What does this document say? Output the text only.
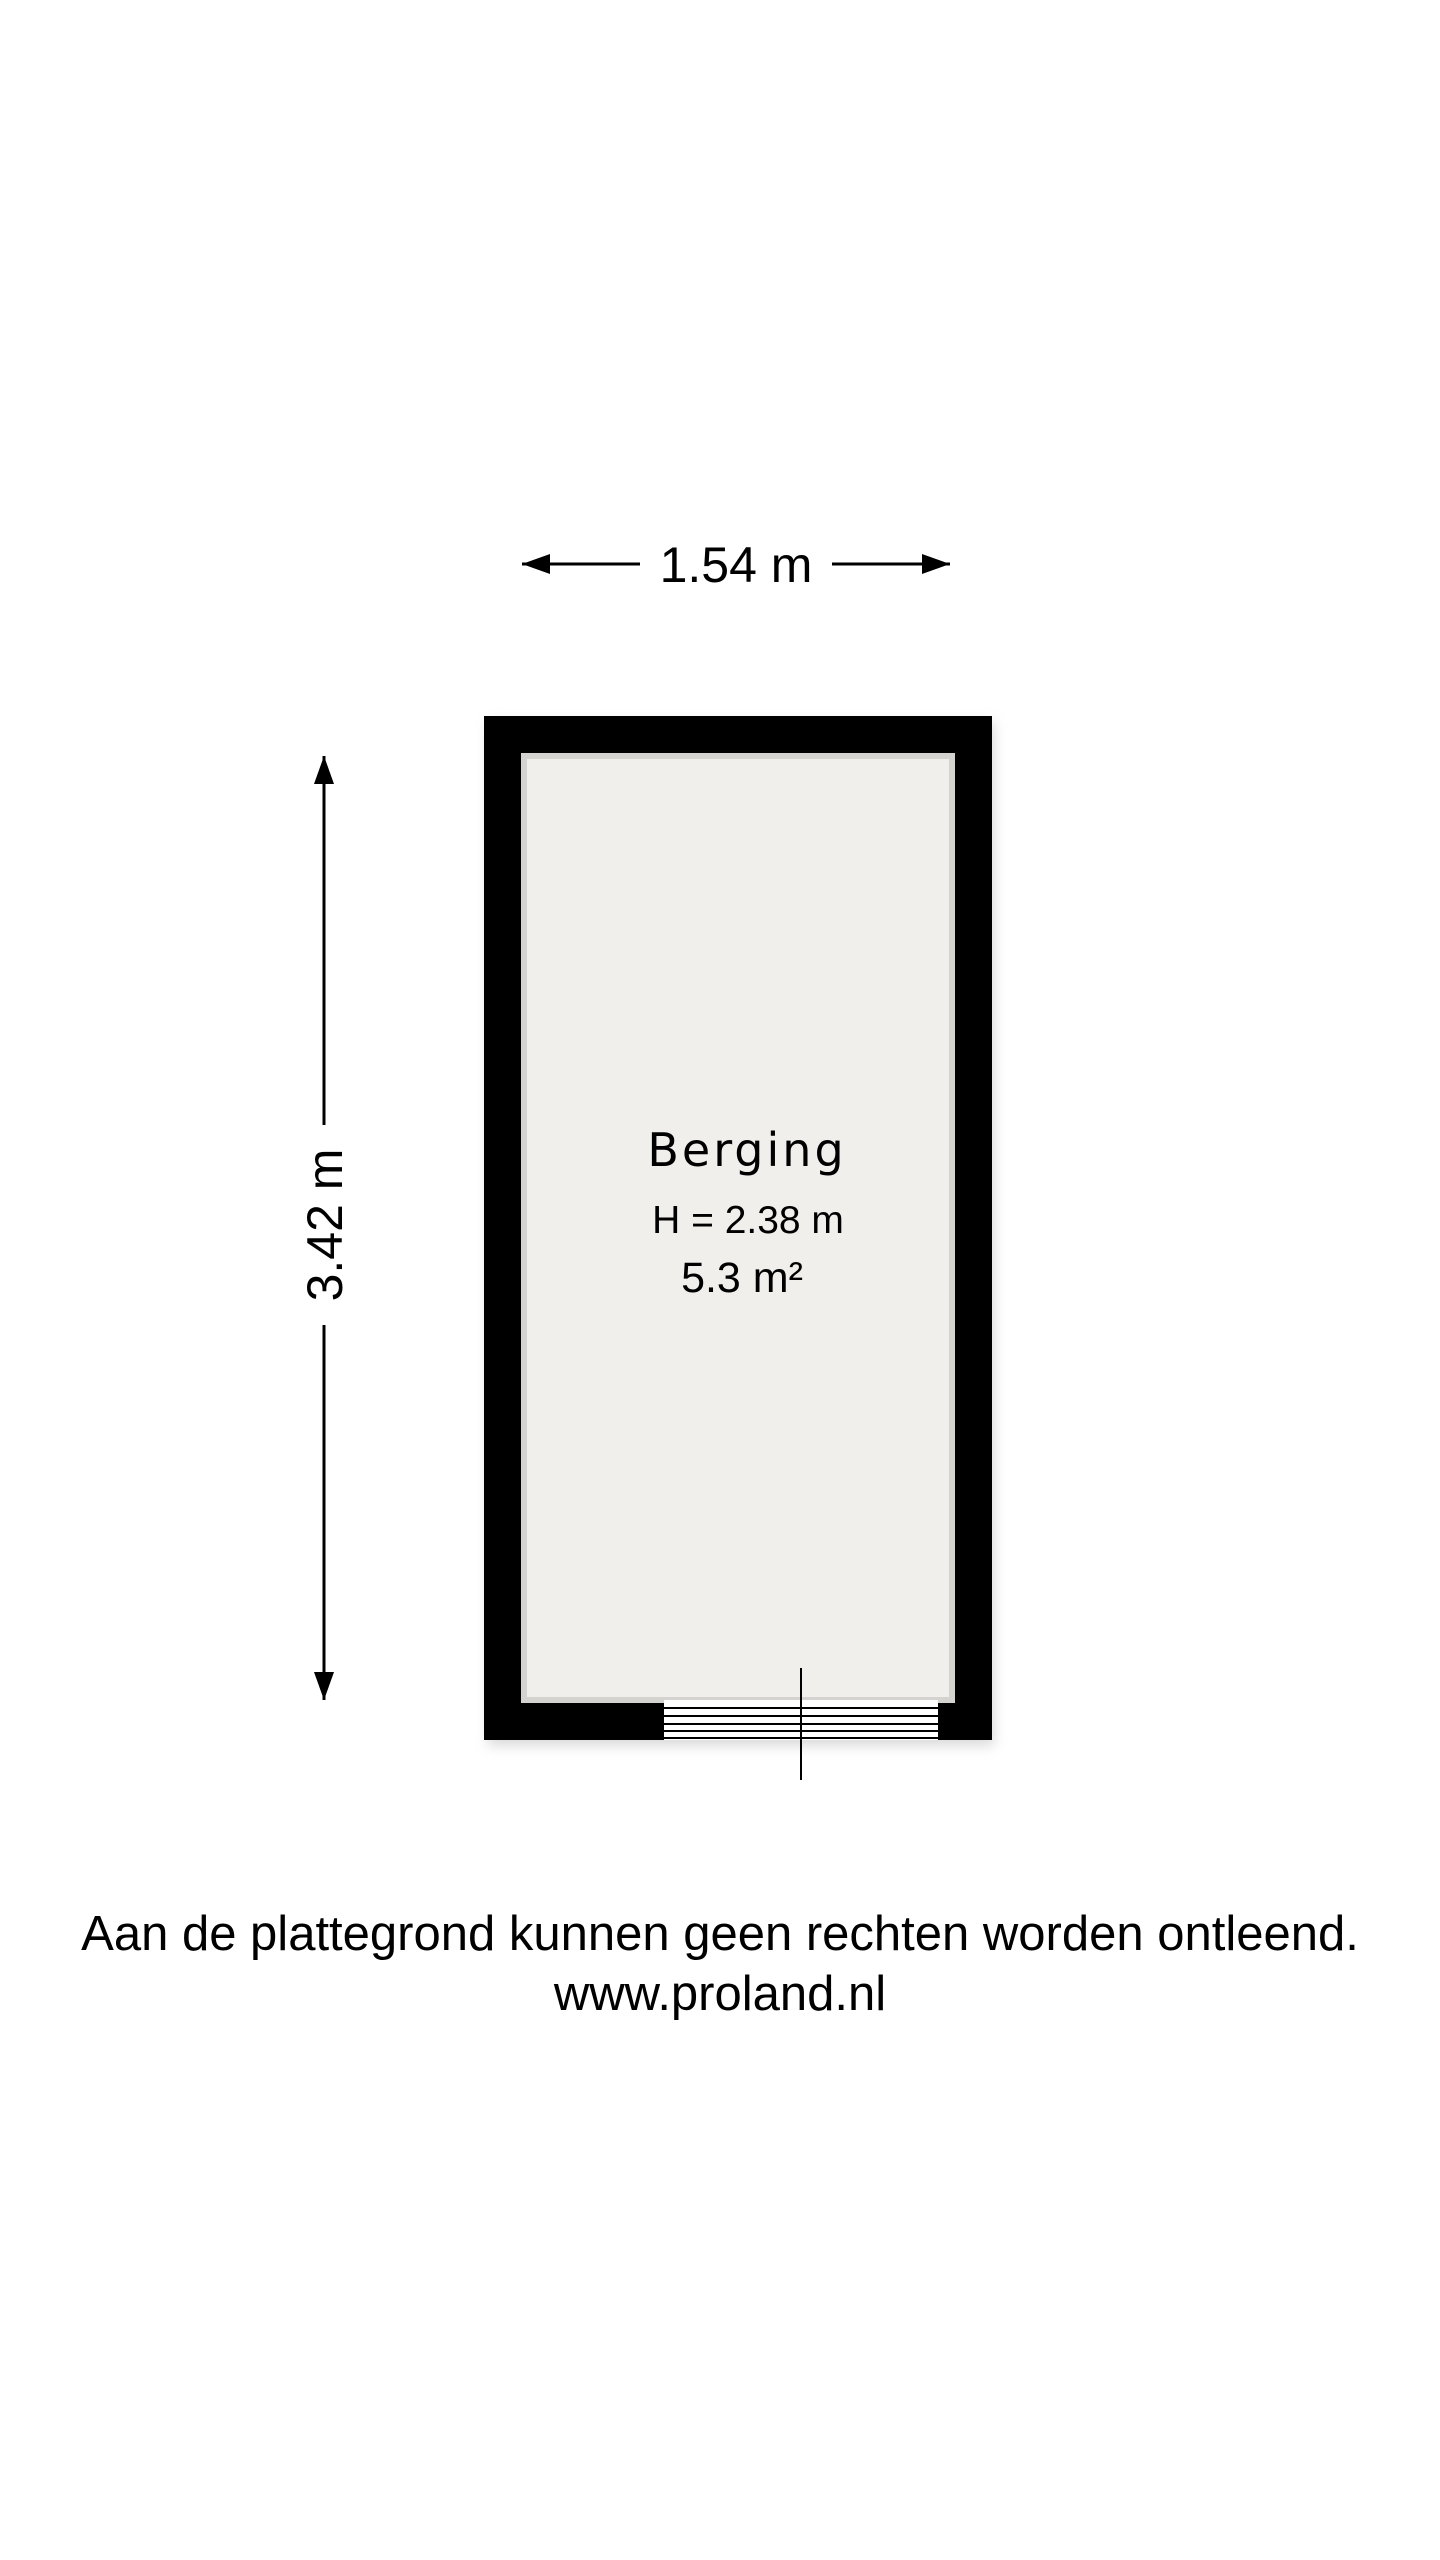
1.54 m
3.42 m	Berging
H = 2.38 m
5.3 m²
Aan de plattegrond kunnen geen rechten worden ontleend.
www.proland.nl
